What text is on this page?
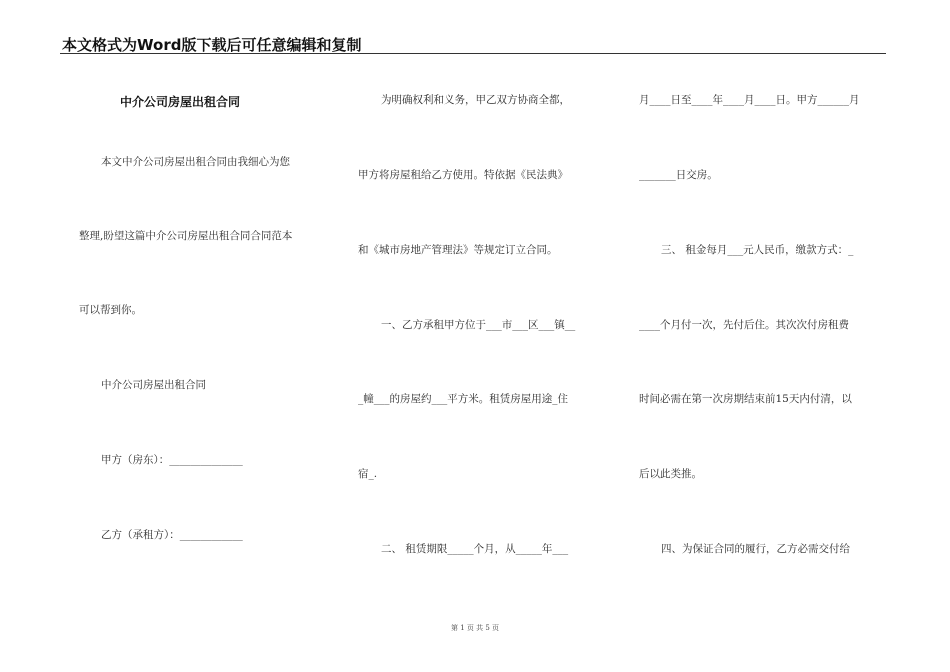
本文格式为Word版下载后可任意编辑和复制
中介公司房屋出租合同
本文中介公司房屋出租合同由我细心为您
整理,盼望这篇中介公司房屋出租合同合同范本
可以帮到你。
中介公司房屋出租合同
甲方（房东）：______________
乙方（承租方）：____________
为明确权利和义务，甲乙双方协商全都，
甲方将房屋租给乙方使用。特依据《民法典》
和《城市房地产管理法》等规定订立合同。
一、乙方承租甲方位于___市___区___镇__
_幢___的房屋约___平方米。租赁房屋用途_住
宿_.
二、 租赁期限_____个月，从_____年___
月____日至____年____月____日。甲方______月
_______日交房。
三、 租金每月___元人民币，缴款方式：_
____个月付一次，先付后住。其次次付房租费
时间必需在第一次房期结束前15天内付清，以
后以此类推。
四、为保证合同的履行，乙方必需交付给
第 1 页 共 5 页
